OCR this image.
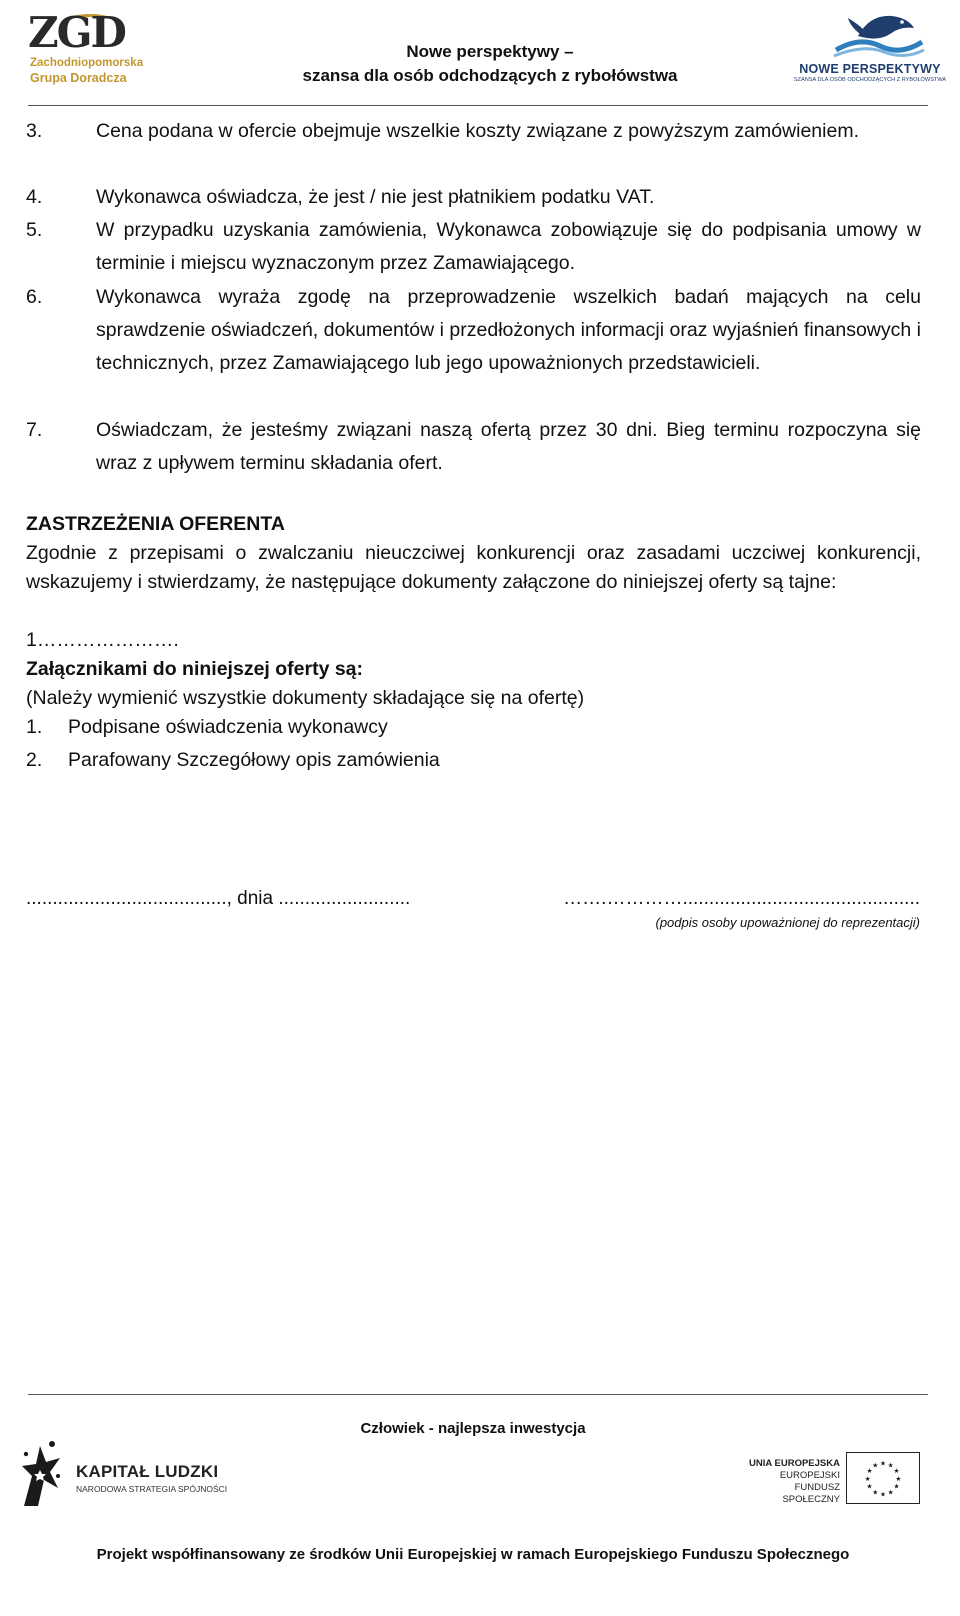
ZGD
Zachodniopomorska
Grupa Doradcza
Nowe perspektywy –
szansa dla osób odchodzących z rybołówstwa	NOWE PERSPEKTYWY
SZANSA DLA OSÓB ODCHODZĄCYCH Z RYBOŁÓWSTWA
3.	Cena podana w ofercie obejmuje wszelkie koszty związane z powyższym zamówieniem.
4.	Wykonawca oświadcza, że jest / nie jest płatnikiem podatku VAT.
5.	W przypadku uzyskania zamówienia, Wykonawca zobowiązuje się do podpisania umowy w terminie i miejscu wyznaczonym przez Zamawiającego.
6.	Wykonawca wyraża zgodę na przeprowadzenie wszelkich badań mających na celu sprawdzenie oświadczeń, dokumentów i przedłożonych informacji oraz wyjaśnień finansowych i technicznych, przez Zamawiającego lub jego upoważnionych przedstawicieli.
7.	Oświadczam, że jesteśmy związani naszą ofertą przez 30 dni. Bieg terminu rozpoczyna się wraz z upływem terminu składania ofert.
ZASTRZEŻENIA OFERENTA
Zgodnie z przepisami o zwalczaniu nieuczciwej konkurencji oraz zasadami uczciwej konkurencji, wskazujemy i stwierdzamy, że następujące dokumenty załączone do niniejszej oferty są tajne:
1………………….
Załącznikami do niniejszej oferty są:
(Należy wymienić wszystkie dokumenty składające się na ofertę)
1. Podpisane oświadczenia wykonawcy
2. Parafowany Szczegółowy opis zamówienia
......................................, dnia .........................	…….………….............................................
(podpis osoby upoważnionej do reprezentacji)
Człowiek - najlepsza inwestycja
KAPITAŁ LUDZKI
NARODOWA STRATEGIA SPÓJNOŚCI
UNIA EUROPEJSKA
EUROPEJSKI
FUNDUSZ SPOŁECZNY
★ ★
★
★
★
★
★
★
★
★
★
★
Projekt współfinansowany ze środków Unii Europejskiej w ramach Europejskiego Funduszu Społecznego
